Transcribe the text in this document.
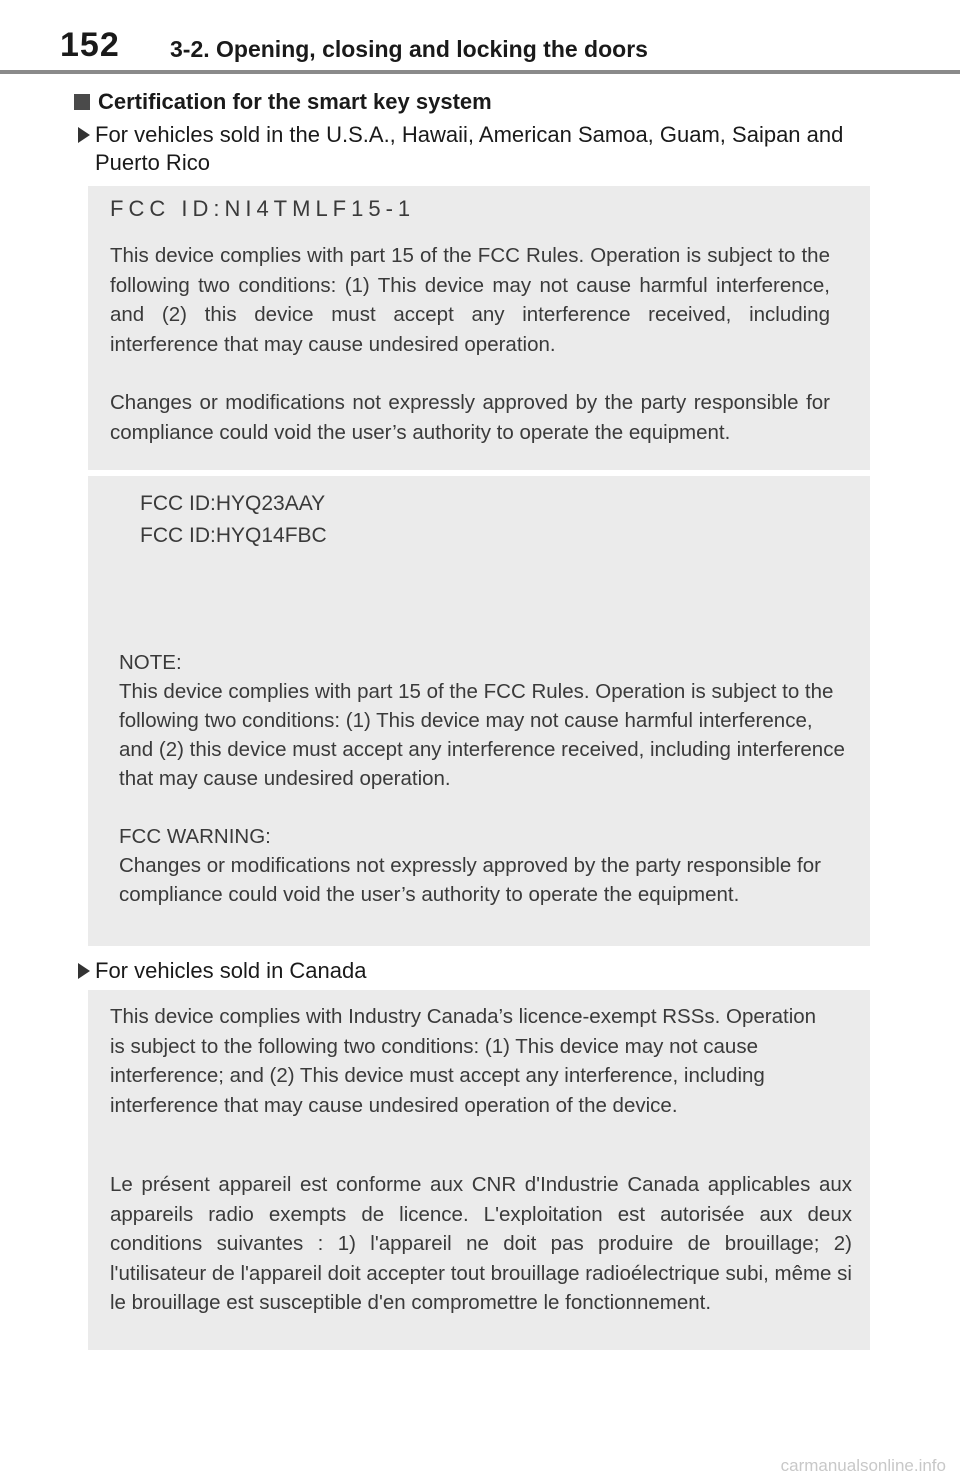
152 3-2. Opening, closing and locking the doors
Certification for the smart key system
For vehicles sold in the U.S.A., Hawaii, American Samoa, Guam, Saipan and Puerto Rico
FCC ID:NI4TMLF15-1

This device complies with part 15 of the FCC Rules. Operation is subject to the following two conditions: (1) This device may not cause harmful interference, and (2) this device must accept any interference received, including interference that may cause undesired operation.

Changes or modifications not expressly approved by the party responsible for compliance could void the user’s authority to operate the equipment.

FCC ID:HYQ23AAY
FCC ID:HYQ14FBC

NOTE:

This device complies with part 15 of the FCC Rules. Operation is subject to the following two conditions: (1) This device may not cause harmful interference, and (2) this device must accept any interference received, including interference that may cause undesired operation.

FCC WARNING:

Changes or modifications not expressly approved by the party responsible for compliance could void the user’s authority to operate the equipment.

For vehicles sold in Canada

This device complies with Industry Canada’s licence-exempt RSSs. Operation is subject to the following two conditions: (1) This device may not cause interference; and (2) This device must accept any interference, including interference that may cause undesired operation of the device.

Le présent appareil est conforme aux CNR d'Industrie Canada applicables aux appareils radio exempts de licence. L'exploitation est autorisée aux deux conditions suivantes : 1) l'appareil ne doit pas produire de brouillage; 2) l'utilisateur de l'appareil doit accepter tout brouillage radioélectrique subi, même si le brouillage est susceptible d'en compromettre le fonctionnement.

carmanualsonline.info
